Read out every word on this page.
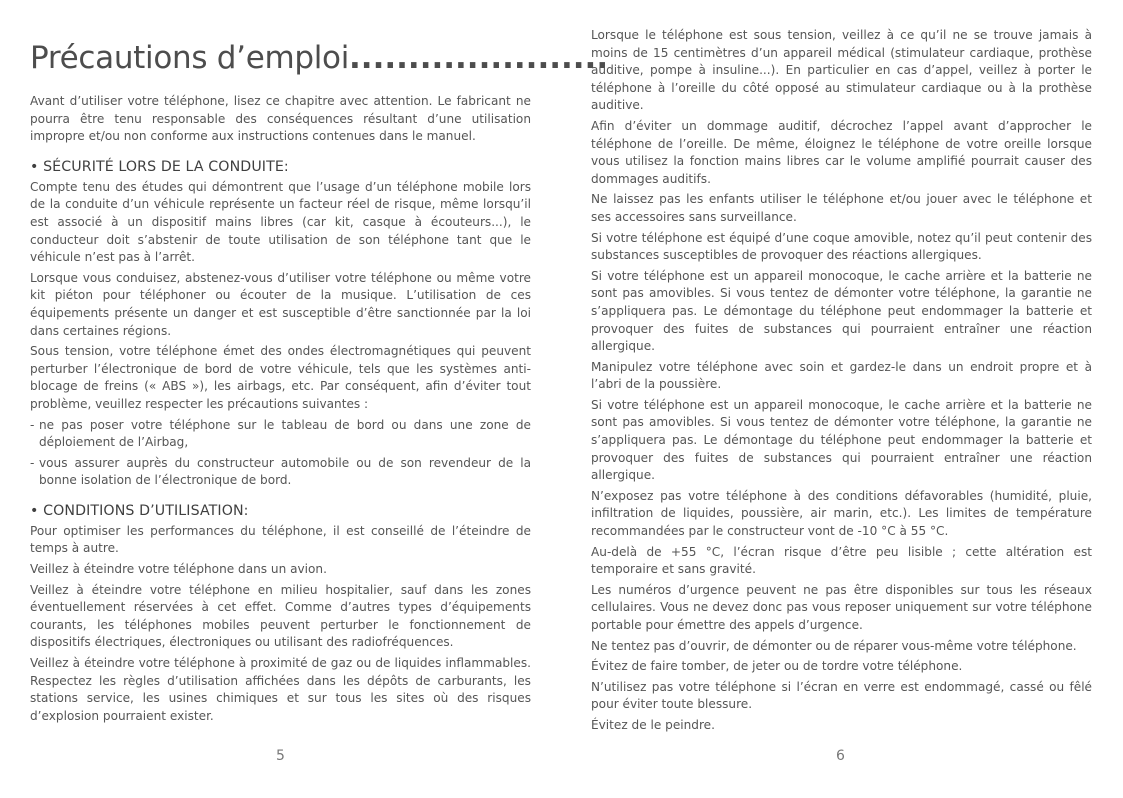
Précautions d’emploi......................

Avant d’utiliser votre téléphone, lisez ce chapitre avec attention. Le fabricant ne pourra être tenu responsable des conséquences résultant d’une utilisation impropre et/ou non conforme aux instructions contenues dans le manuel.

• SÉCURITÉ LORS DE LA CONDUITE:

Compte tenu des études qui démontrent que l’usage d’un téléphone mobile lors de la conduite d’un véhicule représente un facteur réel de risque, même lorsqu’il est associé à un dispositif mains libres (car kit, casque à écouteurs...), le conducteur doit s’abstenir de toute utilisation de son téléphone tant que le véhicule n’est pas à l’arrêt.

Lorsque vous conduisez, abstenez-vous d’utiliser votre téléphone ou même votre kit piéton pour téléphoner ou écouter de la musique. L’utilisation de ces équipements présente un danger et est susceptible d’être sanctionnée par la loi dans certaines régions.

Sous tension, votre téléphone émet des ondes électromagnétiques qui peuvent perturber l’électronique de bord de votre véhicule, tels que les systèmes anti-blocage de freins (« ABS »), les airbags, etc. Par conséquent, afin d’éviter tout problème, veuillez respecter les précautions suivantes :

- ne pas poser votre téléphone sur le tableau de bord ou dans une zone de déploiement de l’Airbag,
- vous assurer auprès du constructeur automobile ou de son revendeur de la bonne isolation de l’électronique de bord.
• CONDITIONS D’UTILISATION:

Pour optimiser les performances du téléphone, il est conseillé de l’éteindre de temps à autre.

Veillez à éteindre votre téléphone dans un avion.

Veillez à éteindre votre téléphone en milieu hospitalier, sauf dans les zones éventuellement réservées à cet effet. Comme d’autres types d’équipements courants, les téléphones mobiles peuvent perturber le fonctionnement de dispositifs électriques, électroniques ou utilisant des radiofréquences.

Veillez à éteindre votre téléphone à proximité de gaz ou de liquides inflammables. Respectez les règles d’utilisation affichées dans les dépôts de carburants, les stations service, les usines chimiques et sur tous les sites où des risques d’explosion pourraient exister.

5

Lorsque le téléphone est sous tension, veillez à ce qu’il ne se trouve jamais à moins de 15 centimètres d’un appareil médical (stimulateur cardiaque, prothèse auditive, pompe à insuline...). En particulier en cas d’appel, veillez à porter le téléphone à l’oreille du côté opposé au stimulateur cardiaque ou à la prothèse auditive.

Afin d’éviter un dommage auditif, décrochez l’appel avant d’approcher le téléphone de l’oreille. De même, éloignez le téléphone de votre oreille lorsque vous utilisez la fonction mains libres car le volume amplifié pourrait causer des dommages auditifs.

Ne laissez pas les enfants utiliser le téléphone et/ou jouer avec le téléphone et ses accessoires sans surveillance.

Si votre téléphone est équipé d’une coque amovible, notez qu’il peut contenir des substances susceptibles de provoquer des réactions allergiques.

Si votre téléphone est un appareil monocoque, le cache arrière et la batterie ne sont pas amovibles. Si vous tentez de démonter votre téléphone, la garantie ne s’appliquera pas. Le démontage du téléphone peut endommager la batterie et provoquer des fuites de substances qui pourraient entraîner une réaction allergique.

Manipulez votre téléphone avec soin et gardez-le dans un endroit propre et à l’abri de la poussière.

Si votre téléphone est un appareil monocoque, le cache arrière et la batterie ne sont pas amovibles. Si vous tentez de démonter votre téléphone, la garantie ne s’appliquera pas. Le démontage du téléphone peut endommager la batterie et provoquer des fuites de substances qui pourraient entraîner une réaction allergique.

N’exposez pas votre téléphone à des conditions défavorables (humidité, pluie, infiltration de liquides, poussière, air marin, etc.). Les limites de température recommandées par le constructeur vont de -10 °C à 55 °C.

Au-delà de +55 °C, l’écran risque d’être peu lisible ; cette altération est temporaire et sans gravité.

Les numéros d’urgence peuvent ne pas être disponibles sur tous les réseaux cellulaires. Vous ne devez donc pas vous reposer uniquement sur votre téléphone portable pour émettre des appels d’urgence.

Ne tentez pas d’ouvrir, de démonter ou de réparer vous-même votre téléphone.

Évitez de faire tomber, de jeter ou de tordre votre téléphone.

N’utilisez pas votre téléphone si l’écran en verre est endommagé, cassé ou fêlé pour éviter toute blessure.

Évitez de le peindre.

6
